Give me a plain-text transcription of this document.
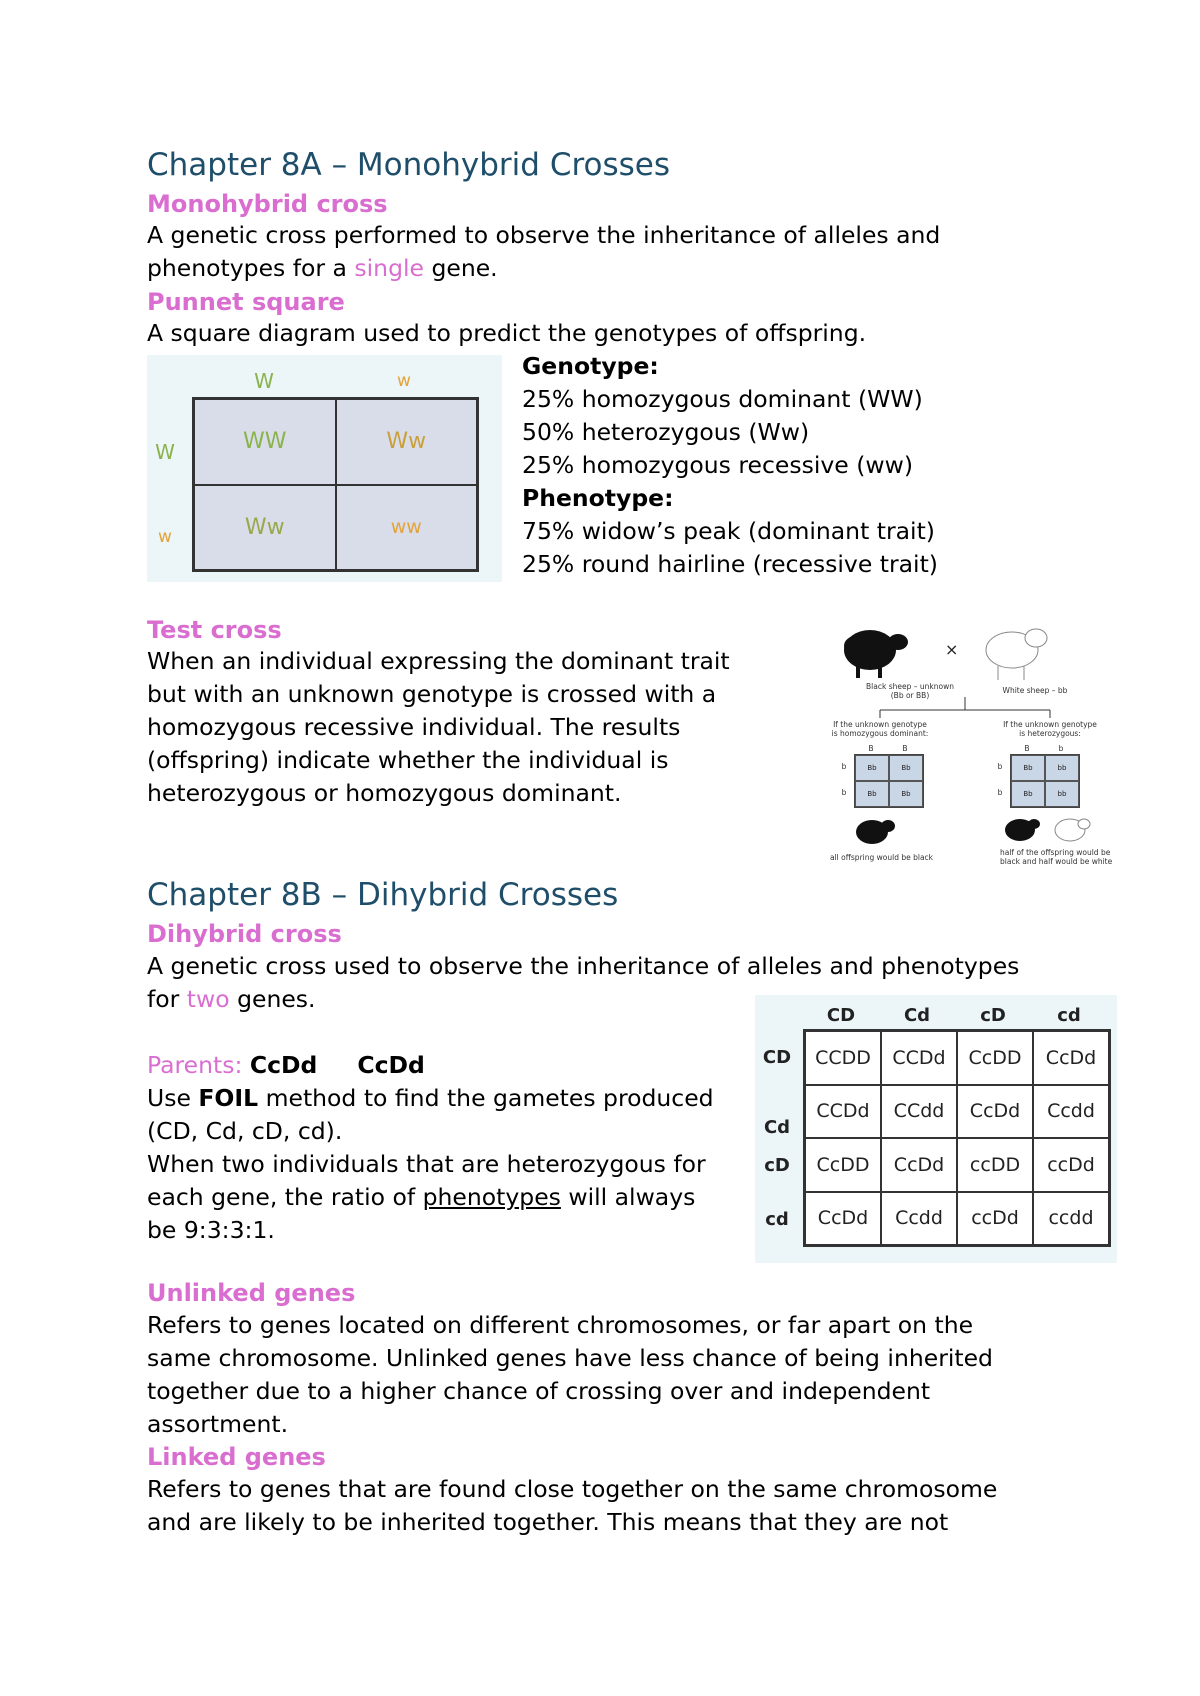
Chapter 8A – Monohybrid Crosses
Monohybrid cross
A genetic cross performed to observe the inheritance of alleles and
phenotypes for a single gene.
Punnet square
A square diagram used to predict the genotypes of offspring.
W	w
W
w
WW	Ww
Ww	ww
Genotype:
25% homozygous dominant (WW)
50% heterozygous (Ww)
25% homozygous recessive (ww)
Phenotype:
75% widow’s peak (dominant trait)
25% round hairline (recessive trait)
Test cross
When an individual expressing the dominant trait
but with an unknown genotype is crossed with a
homozygous recessive individual. The results
(offspring) indicate whether the individual is
heterozygous or homozygous dominant.
×
Black sheep – unknown
(Bb or BB)
White sheep – bb
If the unknown genotype
is homozygous dominant:
If the unknown genotype
is heterozygous:
B	B
b
b
Bb	Bb
Bb	Bb
B	b
b
b
Bb	bb
Bb	bb
all offspring would be black
half of the offspring would be
black and half would be white
Chapter 8B – Dihybrid Crosses
Dihybrid cross
A genetic cross used to observe the inheritance of alleles and phenotypes
for two genes.
Parents: CcDd CcDd
Use FOIL method to find the gametes produced
(CD, Cd, cD, cd).
When two individuals that are heterozygous for
each gene, the ratio of phenotypes will always
be 9:3:3:1.
CD	Cd	cD	cd
CD
Cd
cD
cd
CCDD	CCDd	CcDD	CcDd
CCDd	CCdd	CcDd	Ccdd
CcDD	CcDd	ccDD	ccDd
CcDd	Ccdd	ccDd	ccdd
Unlinked genes
Refers to genes located on different chromosomes, or far apart on the
same chromosome. Unlinked genes have less chance of being inherited
together due to a higher chance of crossing over and independent
assortment.
Linked genes
Refers to genes that are found close together on the same chromosome
and are likely to be inherited together. This means that they are not
